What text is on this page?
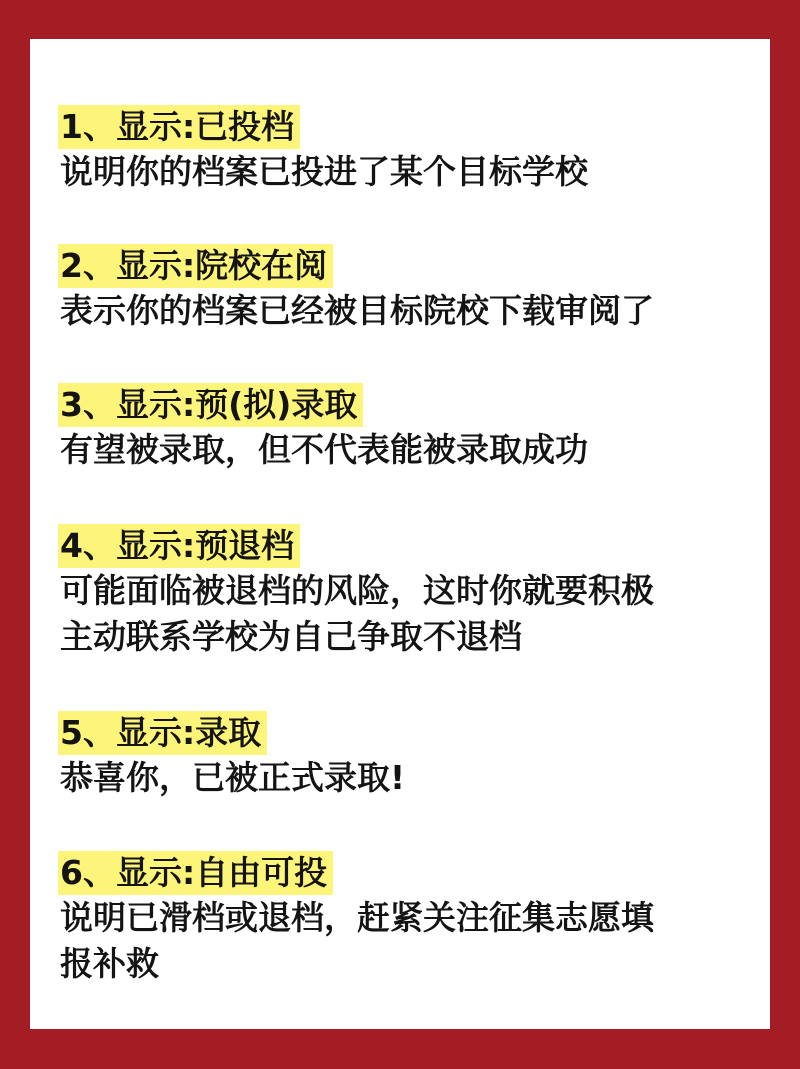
1、显示:已投档
说明你的档案已投进了某个目标学校
2、显示:院校在阅
表示你的档案已经被目标院校下载审阅了
3、显示:预(拟)录取
有望被录取，但不代表能被录取成功
4、显示:预退档
可能面临被退档的风险，这时你就要积极
主动联系学校为自己争取不退档
5、显示:录取
恭喜你，已被正式录取!
6、显示:自由可投
说明已滑档或退档，赶紧关注征集志愿填
报补救
